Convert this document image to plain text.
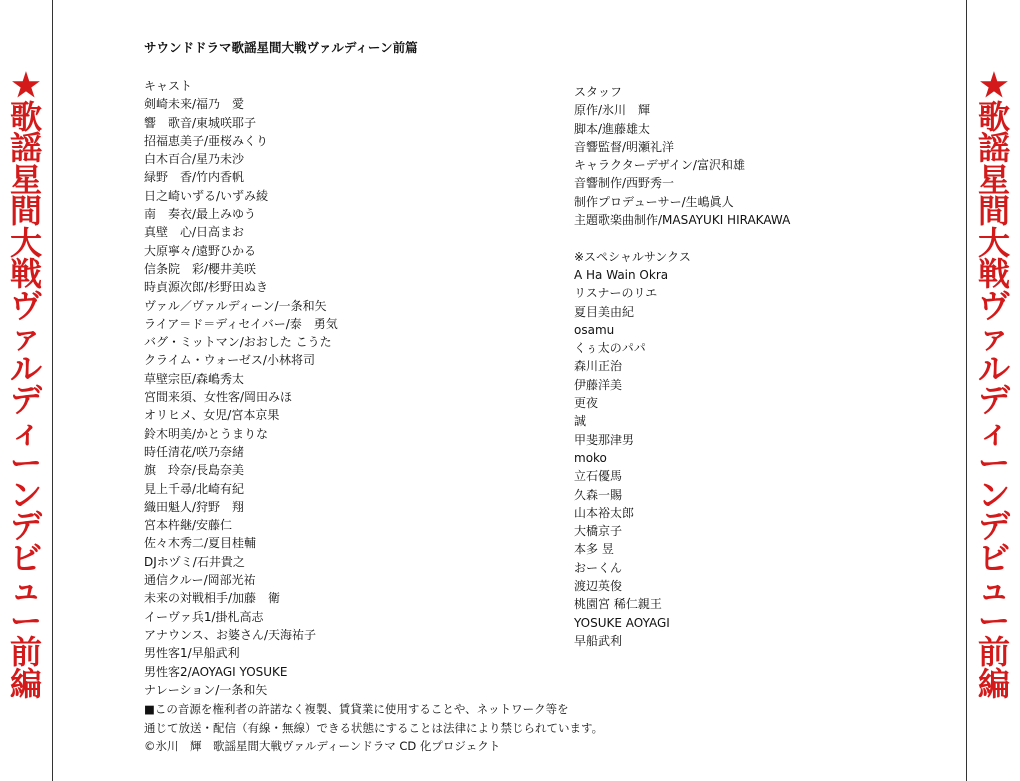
★
歌
謡
星
間
大
戦
ヴ
ァ
ル
デ
ィ
ー
ン
デ
ビ
ュ
ー
前
編
サウンドドラマ歌謡星間大戦ヴァルディーン前篇
キャスト
剣崎未来/福乃　愛
響　歌音/東城咲耶子
招福恵美子/亜桜みくり
白木百合/星乃未沙
緑野　香/竹内香帆
日之崎いずる/いずみ綾
南　奏衣/最上みゆう
真壁　心/日高まお
大原寧々/遠野ひかる
信条院　彩/櫻井美咲
時貞源次郎/杉野田ぬき
ヴァル／ヴァルディーン/一条和矢
ライア＝ド＝ディセイバー/泰　勇気
バグ・ミットマン/おおした こうた
クライム・ウォーゼス/小林将司
草壁宗臣/森嶋秀太
宮間来須、女性客/岡田みほ
オリヒメ、女児/宮本京果
鈴木明美/かとうまりな
時任清花/咲乃奈緒
旗　玲奈/長島奈美
見上千尋/北崎有紀
織田魁人/狩野　翔
宮本杵継/安藤仁
佐々木秀二/夏目桂輔
DJホヅミ/石井貴之
通信クルー/岡部光祐
未来の対戦相手/加藤　衛
イーヴァ兵1/掛札高志
アナウンス、お婆さん/天海祐子
男性客1/早船武利
男性客2/AOYAGI YOSUKE
ナレーション/一条和矢
スタッフ
原作/氷川　輝
脚本/進藤雄太
音響監督/明瀬礼洋
キャラクターデザイン/富沢和雄
音響制作/西野秀一
制作プロデューサー/生嶋眞人
主題歌楽曲制作/MASAYUKI HIRAKAWA
※スペシャルサンクス
A Ha Wain Okra
リスナーのリエ
夏目美由紀
osamu
くぅ太のパパ
森川正治
伊藤洋美
更夜
誠
甲斐那津男
moko
立石優馬
久森一賜
山本裕太郎
大橋京子
本多 昱
おーくん
渡辺英俊
桃園宮 稀仁親王
YOSUKE AOYAGI
早船武利
■この音源を権利者の許諾なく複製、賃貸業に使用することや、ネットワーク等を
通じて放送・配信（有線・無線）できる状態にすることは法律により禁じられています。
©氷川　輝　歌謡星間大戦ヴァルディーンドラマ CD 化プロジェクト
★
歌
謡
星
間
大
戦
ヴ
ァ
ル
デ
ィ
ー
ン
デ
ビ
ュ
ー
前
編
